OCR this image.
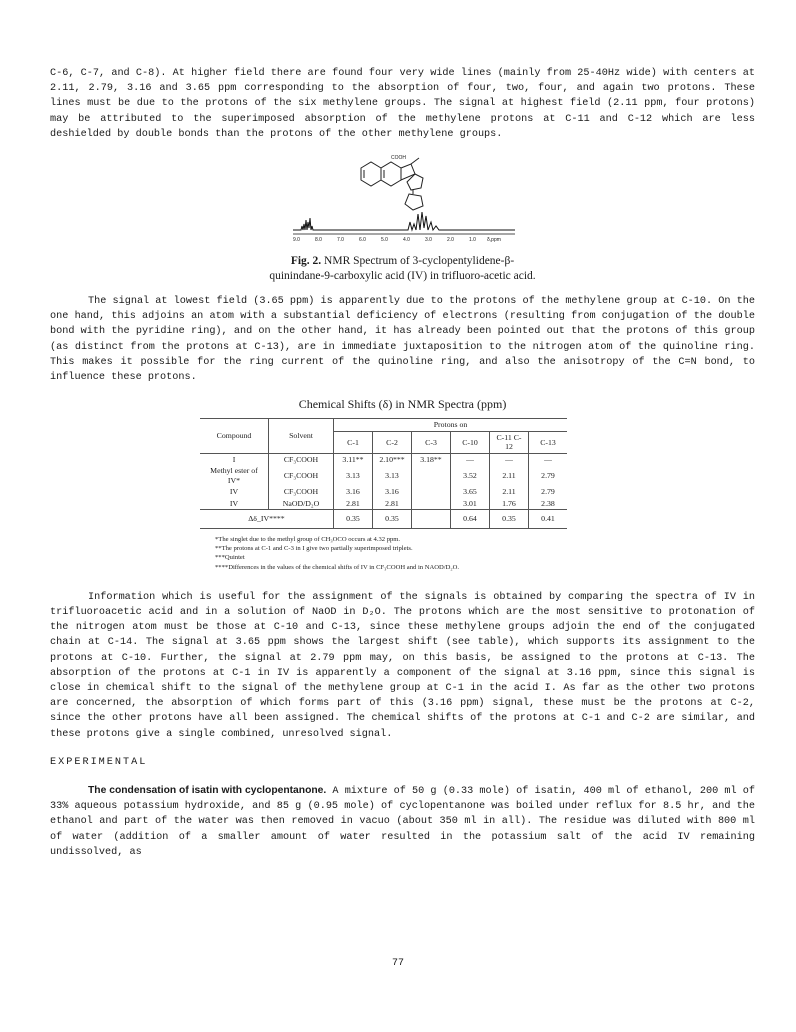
C-6, C-7, and C-8). At higher field there are found four very wide lines (mainly from 25-40Hz wide) with centers at 2.11, 2.79, 3.16 and 3.65 ppm corresponding to the absorption of four, two, four, and again two protons. These lines must be due to the protons of the six methylene groups. The signal at highest field (2.11 ppm, four protons) may be attributed to the superimposed absorption of the methylene protons at C-11 and C-12 which are less deshielded by double bonds than the protons of the other methylene groups.

COOH
9.0	8.0	7.0	6.0	5.0	4.0	3.0	2.0	1.0 δ,ppm
Fig. 2. NMR Spectrum of 3-cyclopentylidene-β-quinindane-9-carboxylic acid (IV) in trifluoro-acetic acid.

The signal at lowest field (3.65 ppm) is apparently due to the protons of the methylene group at C-10. On the one hand, this adjoins an atom with a substantial deficiency of electrons (resulting from conjugation of the double bond with the pyridine ring), and on the other hand, it has already been pointed out that the protons of this group (as distinct from the protons at C-13), are in immediate juxtaposition to the nitrogen atom of the quinoline ring. This makes it possible for the ring current of the quinoline ring, and also the anisotropy of the C=N bond, to influence these protons.

Chemical Shifts (δ) in NMR Spectra (ppm)
Compound	Solvent	Protons on					
		C-1	C-2	C-3	C-10	C-11 C-12	C-13
I	CF₃COOH	3.11**	2.10***	3.18**	—	—	—
Methyl ester of IV*	CF₃COOH	3.13	3.13		3.52	2.11	2.79
IV	CF₃COOH	3.16	3.16		3.65	2.11	2.79
IV	NaOD/D₂O	2.81	2.81		3.01	1.76	2.38
Δδ_IV****		0.35	0.35		0.64	0.35	0.41
*The singlet due to the methyl group of CH₃OCO occurs at 4.32 ppm.
**The protons at C-1 and C-3 in I give two partially superimposed triplets.
***Quintet
****Differences in the values of the chemical shifts of IV in CF₃COOH and in NAOD/D₂O.

Information which is useful for the assignment of the signals is obtained by comparing the spectra of IV in trifluoroacetic acid and in a solution of NaOD in D₂O. The protons which are the most sensitive to protonation of the nitrogen atom must be those at C-10 and C-13, since these methylene groups adjoin the end of the conjugated chain at C-14. The signal at 3.65 ppm shows the largest shift (see table), which supports its assignment to the protons at C-10. Further, the signal at 2.79 ppm may, on this basis, be assigned to the protons at C-13. The absorption of the protons at C-1 in IV is apparently a component of the signal at 3.16 ppm, since this signal is close in chemical shift to the signal of the methylene group at C-1 in the acid I. As far as the other two protons are concerned, the absorption of which forms part of this (3.16 ppm) signal, these must be the protons at C-2, since the other protons have all been assigned. The chemical shifts of the protons at C-1 and C-2 are similar, and these protons give a single combined, unresolved signal.

EXPERIMENTAL

The condensation of isatin with cyclopentanone. A mixture of 50 g (0.33 mole) of isatin, 400 ml of ethanol, 200 ml of 33% aqueous potassium hydroxide, and 85 g (0.95 mole) of cyclopentanone was boiled under reflux for 8.5 hr, and the ethanol and part of the water was then removed in vacuo (about 350 ml in all). The residue was diluted with 800 ml of water (addition of a smaller amount of water resulted in the potassium salt of the acid IV remaining undissolved, as

77
